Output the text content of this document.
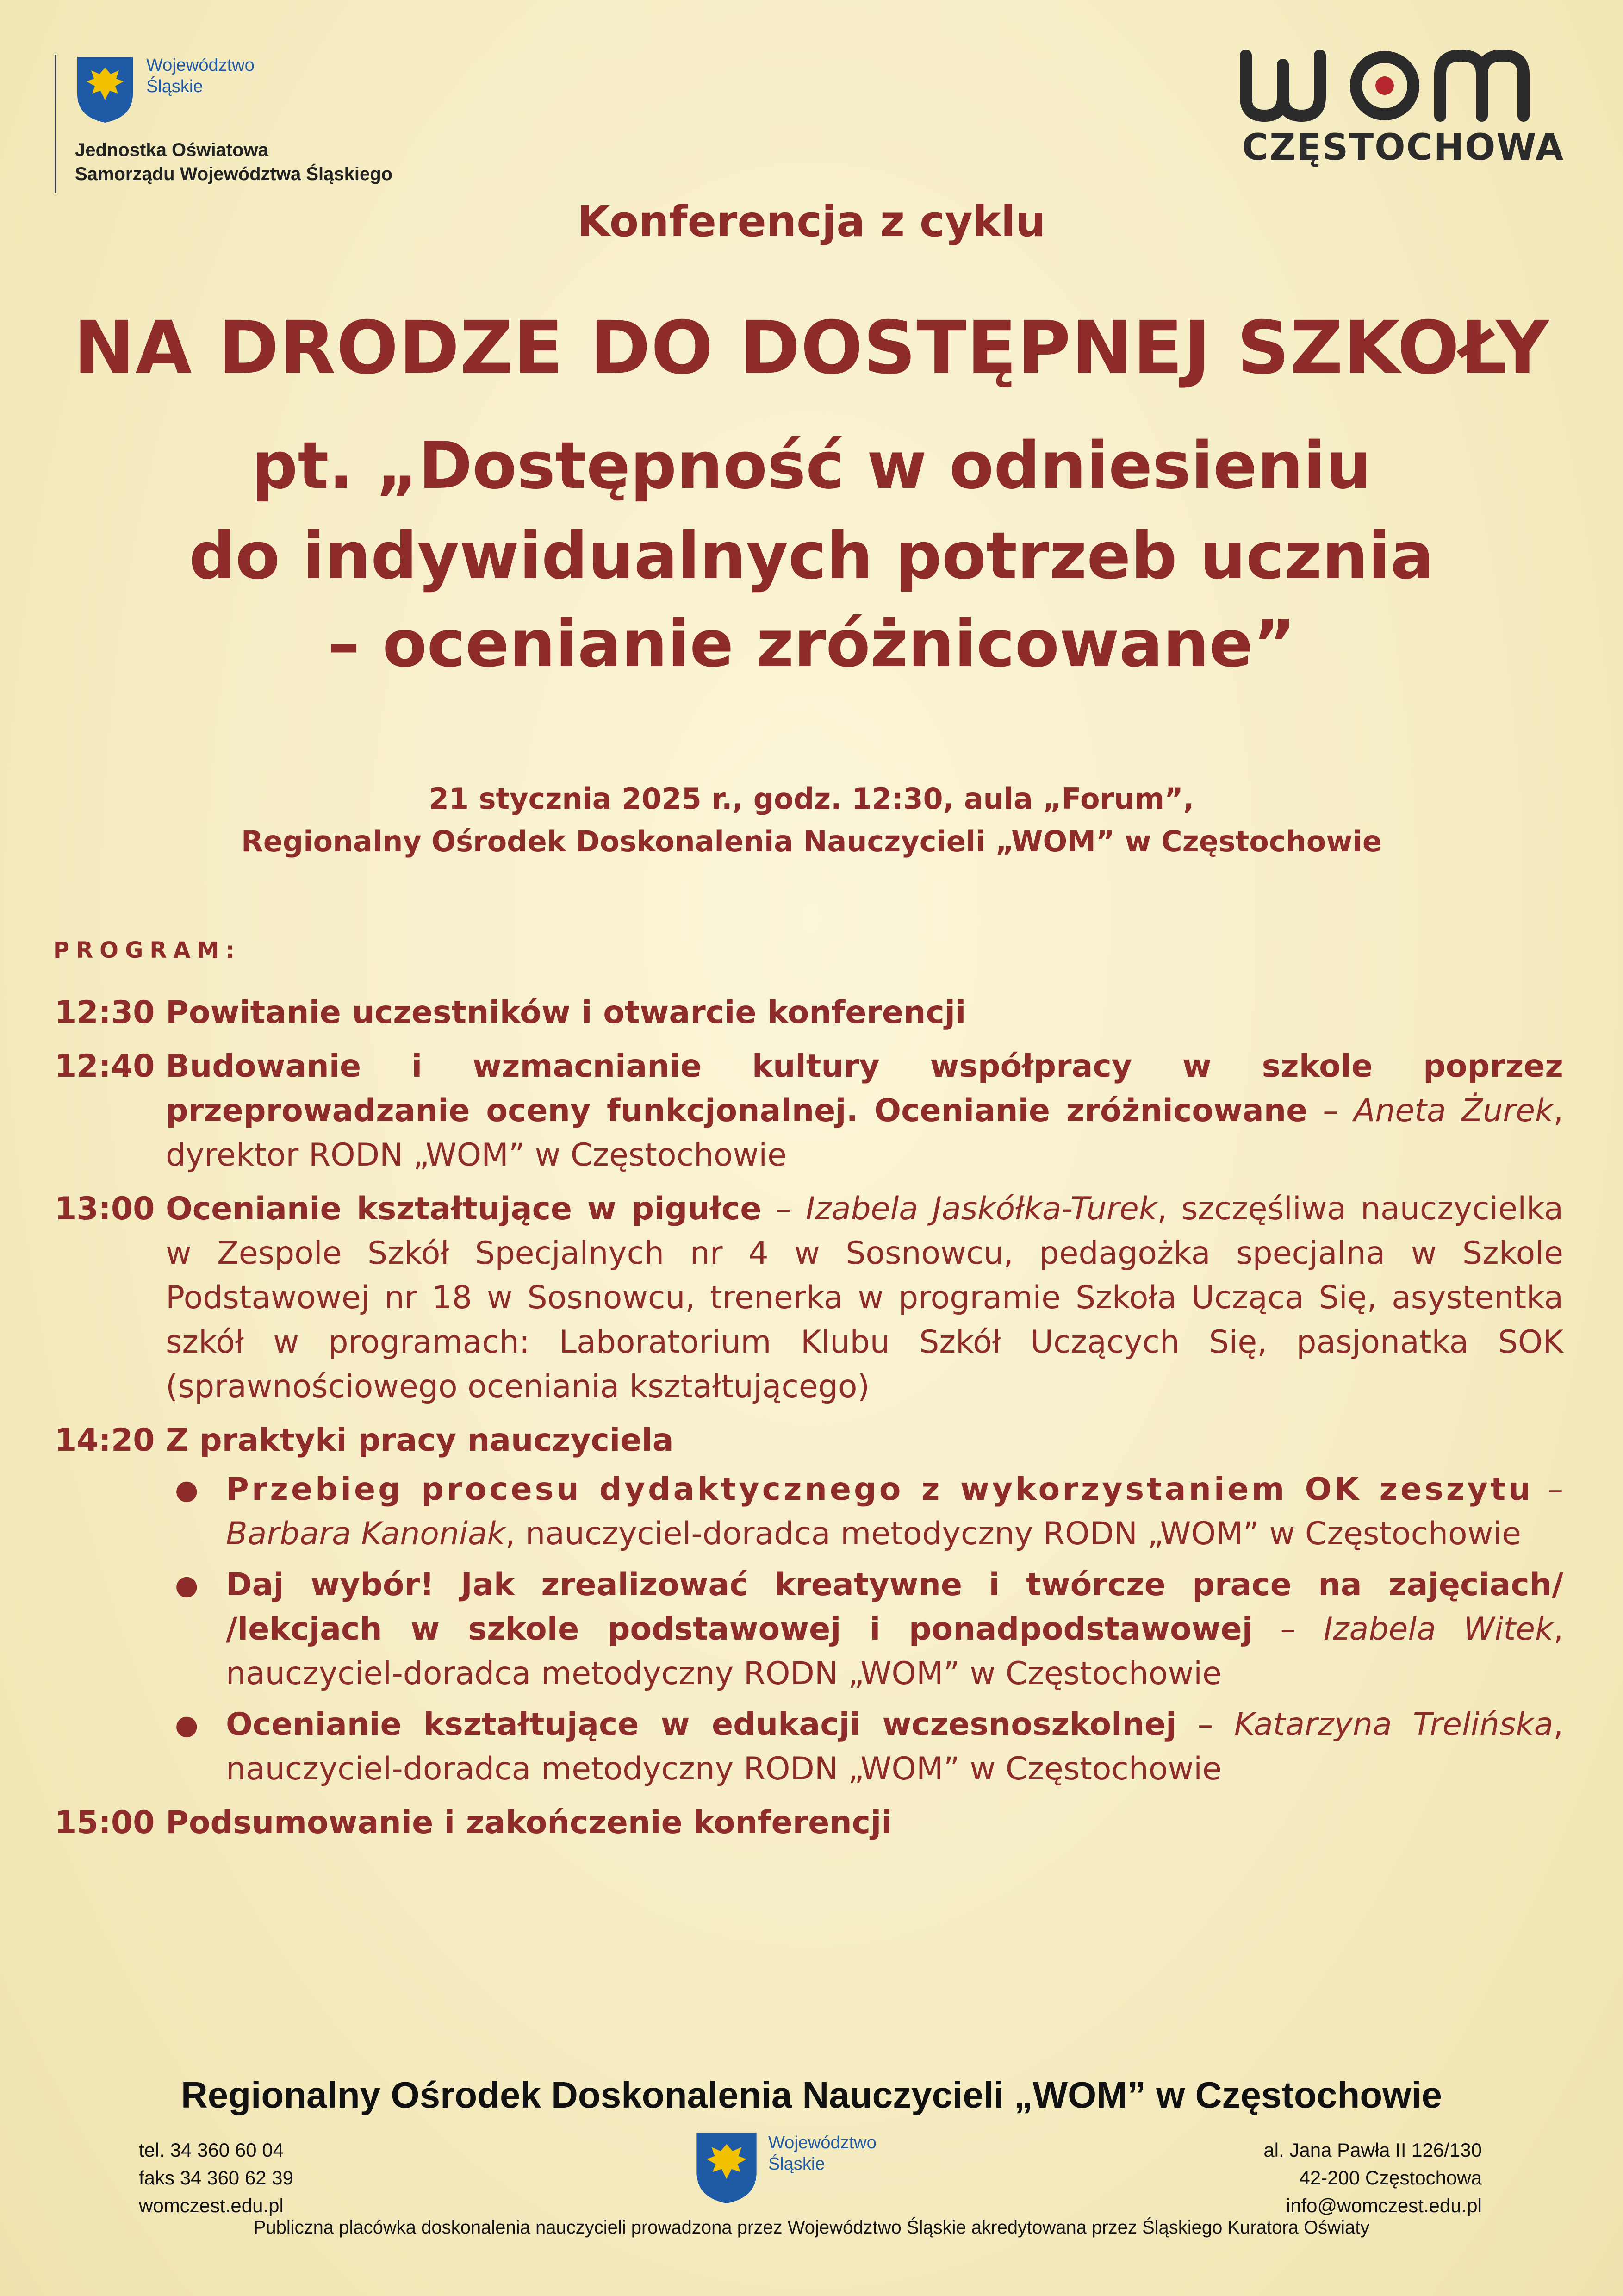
Województwo
Śląskie
Jednostka Oświatowa
Samorządu Województwa Śląskiego
CZĘSTOCHOWA
Konferencja z cyklu
NA DRODZE DO DOSTĘPNEJ SZKOŁY
pt. „Dostępność w odniesieniu
do indywidualnych potrzeb ucznia
– ocenianie zróżnicowane”
21 stycznia 2025 r., godz. 12:30, aula „Forum”,
Regionalny Ośrodek Doskonalenia Nauczycieli „WOM” w Częstochowie
PROGRAM:
12:30 Powitanie uczestników i otwarcie konferencji
12:40 Budowanie i wzmacnianie kultury współpracy w szkole poprzez przeprowadzanie oceny funkcjonalnej. Ocenianie zróżnicowane – Aneta Żurek, dyrektor RODN „WOM” w Częstochowie
13:00 Ocenianie kształtujące w pigułce – Izabela Jaskółka-Turek, szczęśliwa nauczycielka w Zespole Szkół Specjalnych nr 4 w Sosnowcu, pedagożka specjalna w Szkole Podstawowej nr 18 w Sosnowcu, trenerka w programie Szkoła Ucząca Się, asystentka szkół w programach: Laboratorium Klubu Szkół Uczących Się, pasjonatka SOK (sprawnościowego oceniania kształtującego)
14:20 Z praktyki pracy nauczyciela
● Przebieg procesu dydaktycznego z wykorzystaniem OK zeszytu – Barbara Kanoniak, nauczyciel-doradca metodyczny RODN „WOM” w Częstochowie
● Daj wybór! Jak zrealizować kreatywne i twórcze prace na zajęciach/ /lekcjach w szkole podstawowej i ponadpodstawowej – Izabela Witek, nauczyciel-doradca metodyczny RODN „WOM” w Częstochowie
● Ocenianie kształtujące w edukacji wczesnoszkolnej – Katarzyna Trelińska, nauczyciel-doradca metodyczny RODN „WOM” w Częstochowie
15:00 Podsumowanie i zakończenie konferencji
Regionalny Ośrodek Doskonalenia Nauczycieli „WOM” w Częstochowie
tel. 34 360 60 04
faks 34 360 62 39
womczest.edu.pl
Województwo
Śląskie
al. Jana Pawła II 126/130
42-200 Częstochowa
info@womczest.edu.pl
Publiczna placówka doskonalenia nauczycieli prowadzona przez Województwo Śląskie akredytowana przez Śląskiego Kuratora Oświaty
